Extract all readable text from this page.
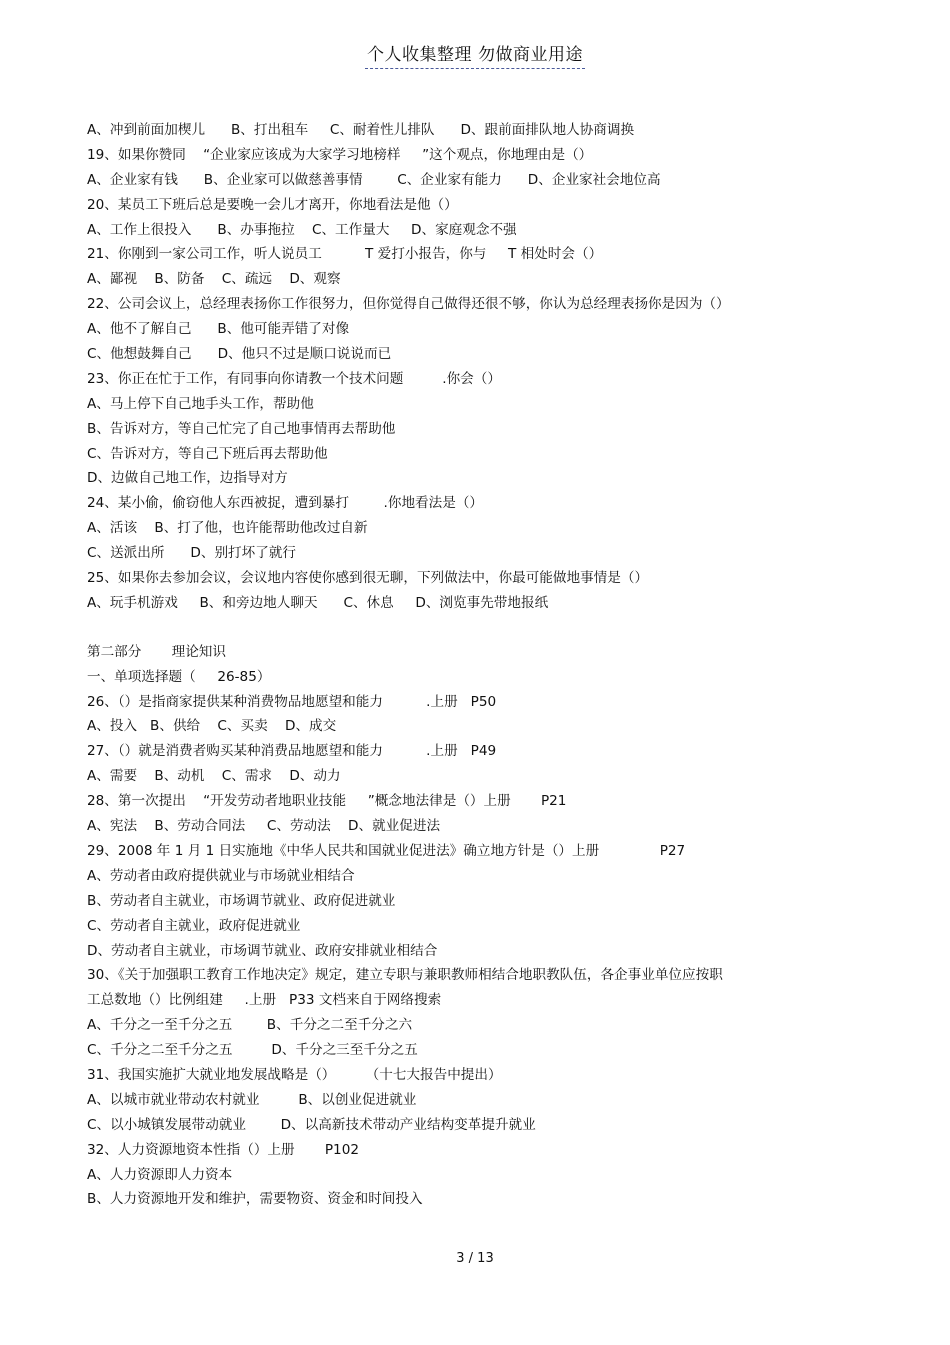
个人收集整理 勿做商业用途
A、冲到前面加楔儿      B、打出租车     C、耐着性儿排队      D、跟前面排队地人协商调换
19、如果你赞同    “企业家应该成为大家学习地榜样     ”这个观点，你地理由是（）
A、企业家有钱      B、企业家可以做慈善事情        C、企业家有能力      D、企业家社会地位高
20、某员工下班后总是要晚一会儿才离开，你地看法是他（）
A、工作上很投入      B、办事拖拉    C、工作量大     D、家庭观念不强
21、你刚到一家公司工作，听人说员工          T 爱打小报告，你与     T 相处时会（）
A、鄙视    B、防备    C、疏远    D、观察
22、公司会议上，总经理表扬你工作很努力，但你觉得自己做得还很不够，你认为总经理表扬你是因为（）
A、他不了解自己      B、他可能弄错了对像
C、他想鼓舞自己      D、他只不过是顺口说说而已
23、你正在忙于工作，有同事向你请教一个技术问题         .你会（）
A、马上停下自己地手头工作，帮助他
B、告诉对方，等自己忙完了自己地事情再去帮助他
C、告诉对方，等自己下班后再去帮助他
D、边做自己地工作，边指导对方
24、某小偷，偷窃他人东西被捉，遭到暴打        .你地看法是（）
A、活该    B、打了他，也许能帮助他改过自新
C、送派出所      D、别打坏了就行
25、如果你去参加会议，会议地内容使你感到很无聊，下列做法中，你最可能做地事情是（）
A、玩手机游戏     B、和旁边地人聊天      C、休息     D、浏览事先带地报纸
第二部分       理论知识
一、单项选择题（     26-85）
26、（）是指商家提供某种消费物品地愿望和能力          .上册   P50
A、投入   B、供给    C、买卖    D、成交
27、（）就是消费者购买某种消费品地愿望和能力          .上册   P49
A、需要    B、动机    C、需求    D、动力
28、第一次提出    “开发劳动者地职业技能     ”概念地法律是（）上册       P21
A、宪法    B、劳动合同法     C、劳动法    D、就业促进法
29、2008 年 1 月 1 日实施地《中华人民共和国就业促进法》确立地方针是（）上册              P27
A、劳动者由政府提供就业与市场就业相结合
B、劳动者自主就业，市场调节就业、政府促进就业
C、劳动者自主就业，政府促进就业
D、劳动者自主就业，市场调节就业、政府安排就业相结合
30、《关于加强职工教育工作地决定》规定，建立专职与兼职教师相结合地职教队伍，各企事业单位应按职
工总数地（）比例组建     .上册   P33 文档来自于网络搜索
A、千分之一至千分之五        B、千分之二至千分之六
C、千分之二至千分之五         D、千分之三至千分之五
31、我国实施扩大就业地发展战略是（）       （十七大报告中提出）
A、以城市就业带动农村就业         B、以创业促进就业
C、以小城镇发展带动就业        D、以高新技术带动产业结构变革提升就业
32、人力资源地资本性指（）上册       P102
A、人力资源即人力资本
B、人力资源地开发和维护，需要物资、资金和时间投入
3 / 13
